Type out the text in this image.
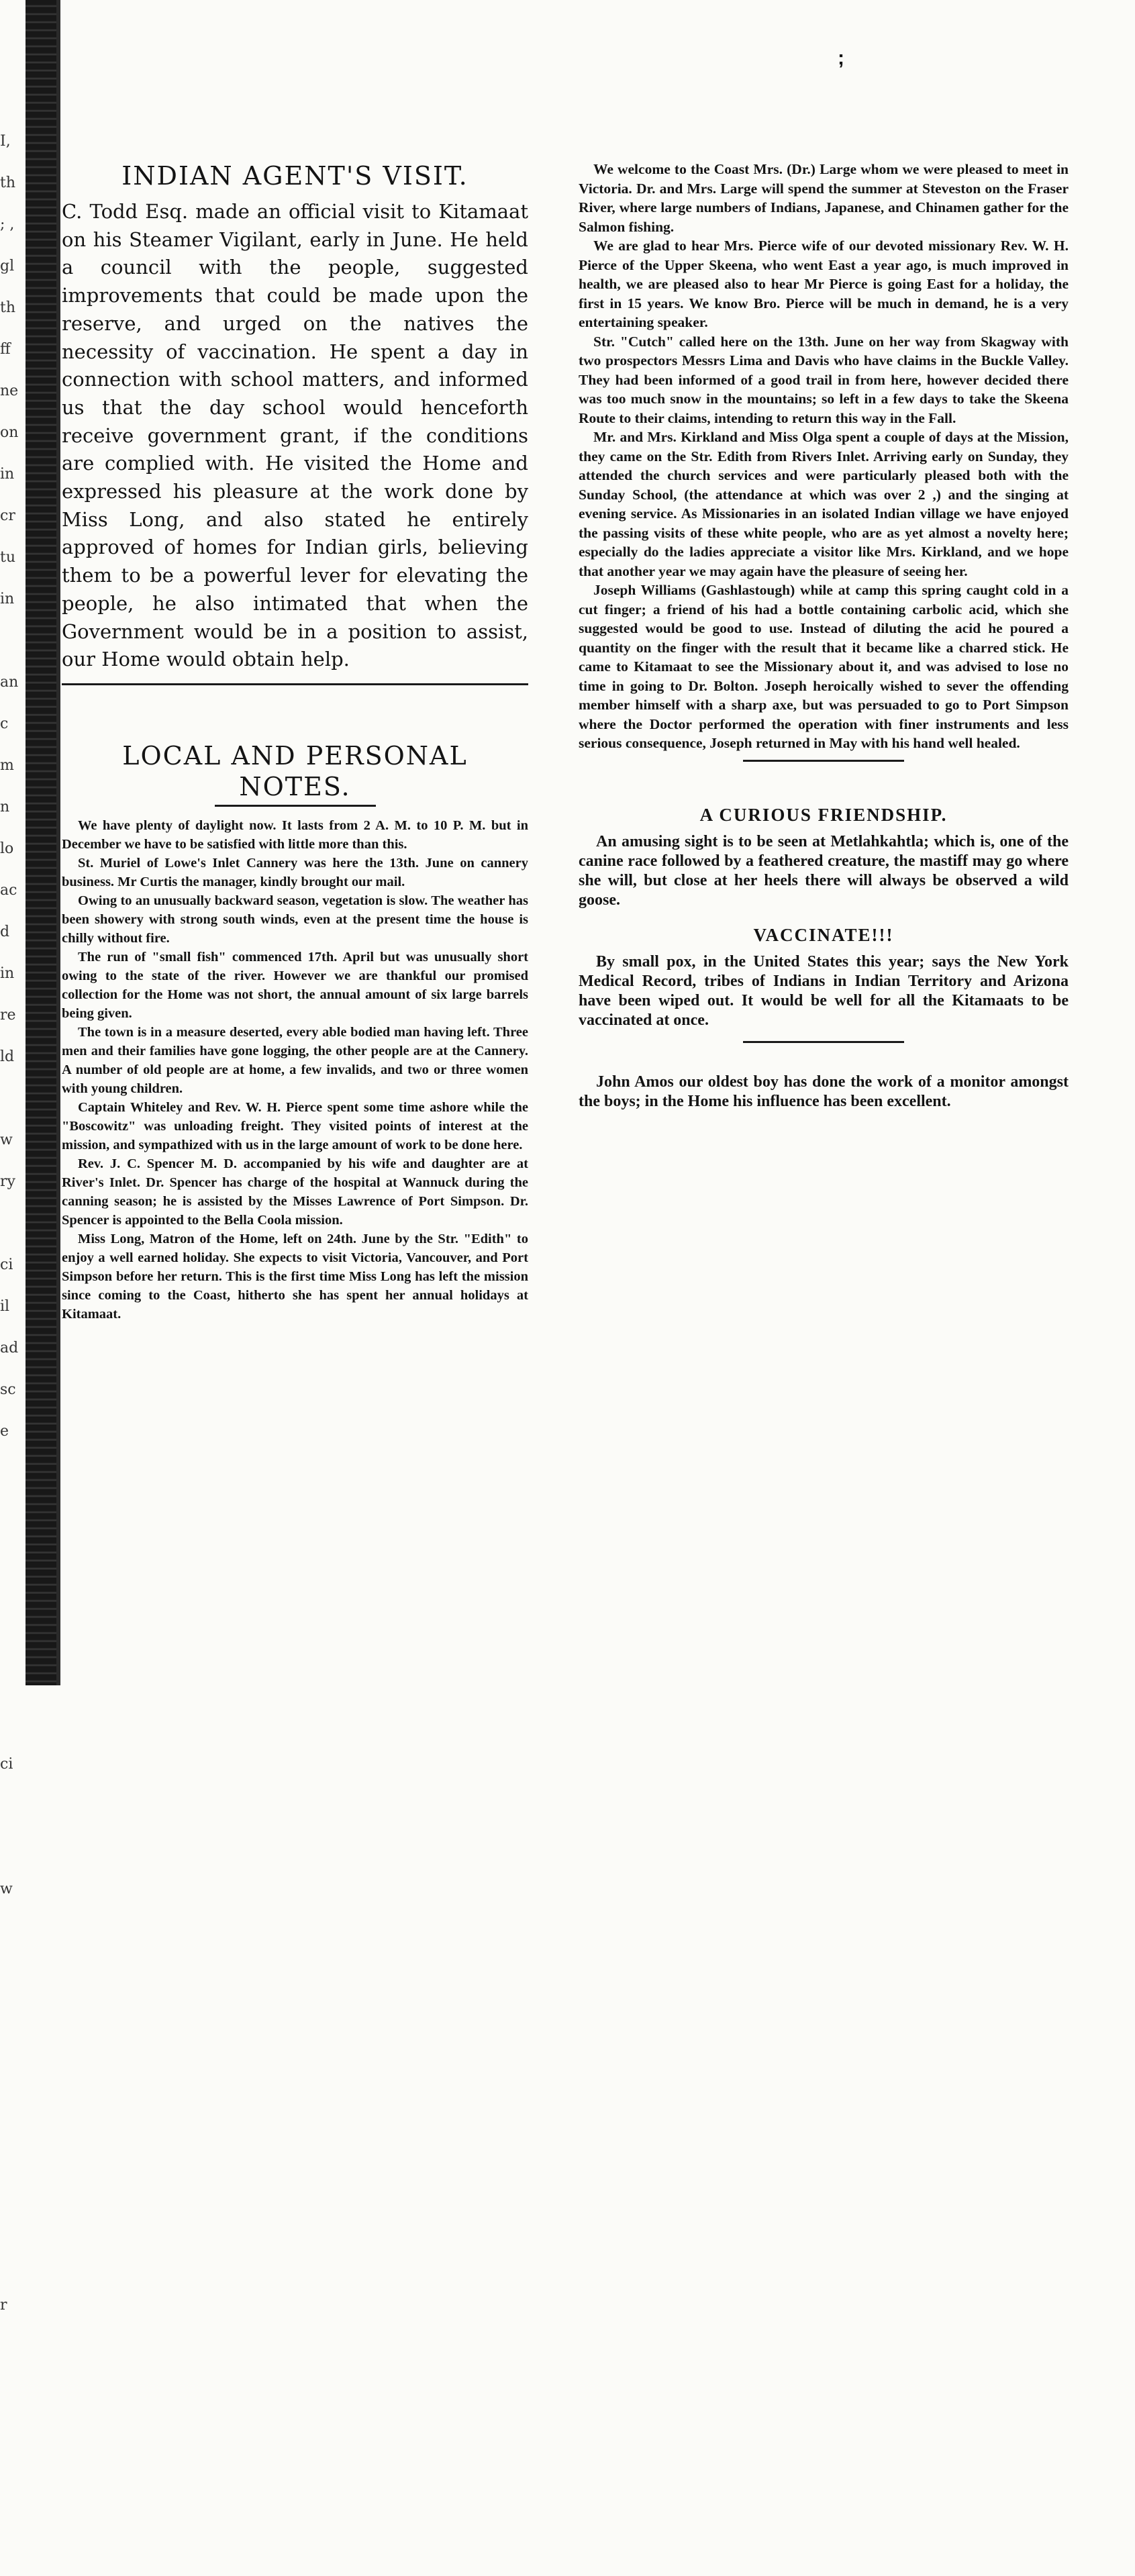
I,
th
; ,
gl
th
ff
ne
on
in
cr
tu
in
an
c
m
n
lo
ac
d
in
re
ld
w
ry
ci
il
ad
sc
e
ci
w
r
;
INDIAN AGENT'S VISIT.

C. Todd Esq. made an official visit to Kitamaat on his Steamer Vigilant, early in June. He held a council with the people, suggested improvements that could be made upon the reserve, and urged on the natives the necessity of vaccination. He spent a day in connection with school matters, and informed us that the day school would henceforth receive government grant, if the conditions are complied with. He visited the Home and expressed his pleasure at the work done by Miss Long, and also stated he entirely approved of homes for Indian girls, believing them to be a powerful lever for elevating the people, he also intimated that when the Government would be in a position to assist, our Home would obtain help.

LOCAL AND PERSONAL
NOTES.

We have plenty of daylight now. It lasts from 2 A. M. to 10 P. M. but in December we have to be satisfied with little more than this.

St. Muriel of Lowe's Inlet Cannery was here the 13th. June on cannery business. Mr Curtis the manager, kindly brought our mail.

Owing to an unusually backward season, vegetation is slow. The weather has been showery with strong south winds, even at the present time the house is chilly without fire.

The run of "small fish" commenced 17th. April but was unusually short owing to the state of the river. However we are thankful our promised collection for the Home was not short, the annual amount of six large barrels being given.

The town is in a measure deserted, every able bodied man having left. Three men and their families have gone logging, the other people are at the Cannery. A number of old people are at home, a few invalids, and two or three women with young children.

Captain Whiteley and Rev. W. H. Pierce spent some time ashore while the "Boscowitz" was unloading freight. They visited points of interest at the mission, and sympathized with us in the large amount of work to be done here.

Rev. J. C. Spencer M. D. accompanied by his wife and daughter are at River's Inlet. Dr. Spencer has charge of the hospital at Wannuck during the canning season; he is assisted by the Misses Lawrence of Port Simpson. Dr. Spencer is appointed to the Bella Coola mission.

Miss Long, Matron of the Home, left on 24th. June by the Str. "Edith" to enjoy a well earned holiday. She expects to visit Victoria, Vancouver, and Port Simpson before her return. This is the first time Miss Long has left the mission since coming to the Coast, hitherto she has spent her annual holidays at Kitamaat.

We welcome to the Coast Mrs. (Dr.) Large whom we were pleased to meet in Victoria. Dr. and Mrs. Large will spend the summer at Steveston on the Fraser River, where large numbers of Indians, Japanese, and Chinamen gather for the Salmon fishing.

We are glad to hear Mrs. Pierce wife of our devoted missionary Rev. W. H. Pierce of the Upper Skeena, who went East a year ago, is much improved in health, we are pleased also to hear Mr Pierce is going East for a holiday, the first in 15 years. We know Bro. Pierce will be much in demand, he is a very entertaining speaker.

Str. "Cutch" called here on the 13th. June on her way from Skagway with two prospectors Messrs Lima and Davis who have claims in the Buckle Valley. They had been informed of a good trail in from here, however decided there was too much snow in the mountains; so left in a few days to take the Skeena Route to their claims, intending to return this way in the Fall.

Mr. and Mrs. Kirkland and Miss Olga spent a couple of days at the Mission, they came on the Str. Edith from Rivers Inlet. Arriving early on Sunday, they attended the church services and were particularly pleased both with the Sunday School, (the attendance at which was over 2 ,) and the singing at evening service. As Missionaries in an isolated Indian village we have enjoyed the passing visits of these white people, who are as yet almost a novelty here; especially do the ladies appreciate a visitor like Mrs. Kirkland, and we hope that another year we may again have the pleasure of seeing her.

Joseph Williams (Gashlastough) while at camp this spring caught cold in a cut finger; a friend of his had a bottle containing carbolic acid, which she suggested would be good to use. Instead of diluting the acid he poured a quantity on the finger with the result that it became like a charred stick. He came to Kitamaat to see the Missionary about it, and was advised to lose no time in going to Dr. Bolton. Joseph heroically wished to sever the offending member himself with a sharp axe, but was persuaded to go to Port Simpson where the Doctor performed the operation with finer instruments and less serious consequence, Joseph returned in May with his hand well healed.

A CURIOUS FRIENDSHIP.

An amusing sight is to be seen at Metlahkahtla; which is, one of the canine race followed by a feathered creature, the mastiff may go where she will, but close at her heels there will always be observed a wild goose.

VACCINATE!!!

By small pox, in the United States this year; says the New York Medical Record, tribes of Indians in Indian Territory and Arizona have been wiped out. It would be well for all the Kitamaats to be vaccinated at once.

John Amos our oldest boy has done the work of a monitor amongst the boys; in the Home his influence has been excellent.
